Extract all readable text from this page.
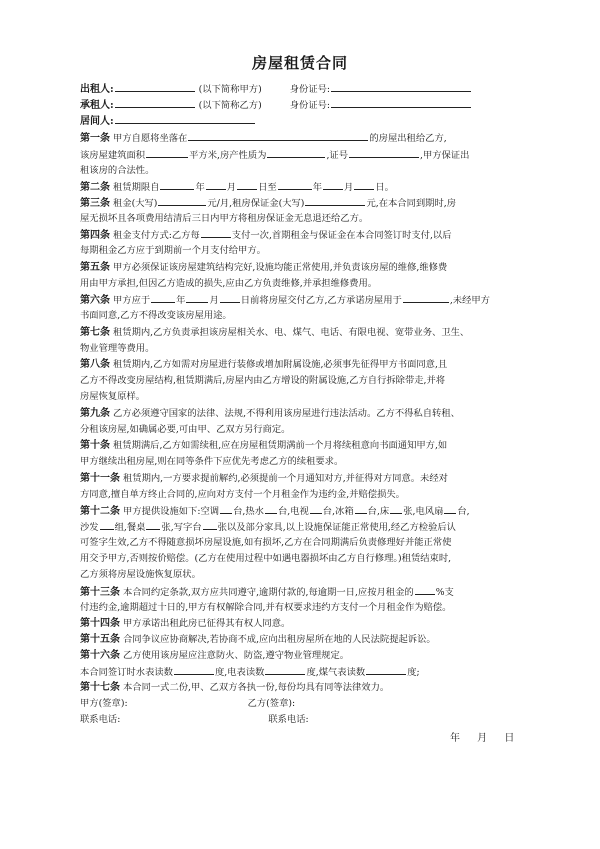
房屋租赁合同
出租人:	(以下简称甲方)	身份证号:
承租人:	(以下简称乙方)	身份证号:
居间人:
第一条 甲方自愿将坐落在	的房屋出租给乙方,
该房屋建筑面积	平方米,房产性质为	,证号	,甲方保证出
租该房的合法性。
第二条 租赁期限自	年 月 日至	年 月 日。
第三条 租金(大写)	元/月,租房保证金(大写)	元,在本合同到期时,房
屋无损坏且各项费用结清后三日内甲方将租房保证金无息退还给乙方。
第四条 租金支付方式:乙方每	支付一次,首期租金与保证金在本合同签订时支付,以后
每期租金乙方应于到期前一个月支付给甲方。
第五条 甲方必须保证该房屋建筑结构完好,设施均能正常使用,并负责该房屋的维修,维修费
用由甲方承担,但因乙方造成的损失,应由乙方负责维修,并承担维修费用。
第六条 甲方应于	年	月 日前将房屋交付乙方,乙方承诺房屋用于	,未经甲方
书面同意,乙方不得改变该房屋用途。
第七条 租赁期内,乙方负责承担该房屋相关水、电、煤气、电话、有限电视、宽带业务、卫生、
物业管理等费用。
第八条 租赁期内,乙方如需对房屋进行装修或增加附属设施,必须事先征得甲方书面同意,且
乙方不得改变房屋结构,租赁期满后,房屋内由乙方增设的附属设施,乙方自行拆除带走,并将
房屋恢复原样。
第九条 乙方必须遵守国家的法律、法规,不得利用该房屋进行违法活动。乙方不得私自转租、
分租该房屋,如确属必要,可由甲、乙双方另行商定。
第十条 租赁期满后,乙方如需续租,应在房屋租赁期满前一个月将续租意向书面通知甲方,如
甲方继续出租房屋,则在同等条件下应优先考虑乙方的续租要求。
第十一条 租赁期内,一方要求提前解约,必须提前一个月通知对方,并征得对方同意。未经对
方同意,擅自单方终止合同的,应向对方支付一个月租金作为违约金,并赔偿损失。
第十二条 甲方提供设施如下:空调 台,热水 台,电视 台,冰箱 台,床 张,电风扇 台,
沙发 组,餐桌 张,写字台 张以及部分家具,以上设施保证能正常使用,经乙方检验后认
可签字生效,乙方不得随意损坏房屋设施,如有损坏,乙方在合同期满后负责修理好并能正常使
用交予甲方,否则按价赔偿。(乙方在使用过程中如遇电器损坏由乙方自行修理。)租赁结束时,
乙方须将房屋设施恢复原状。
第十三条 本合同约定条款,双方应共同遵守,逾期付款的,每逾期一日,应按月租金的 %支
付违约金,逾期超过十日的,甲方有权解除合同,并有权要求违约方支付一个月租金作为赔偿。
第十四条 甲方承诺出租此房已征得其有权人同意。
第十五条 合同争议应协商解决,若协商不成,应向出租房屋所在地的人民法院提起诉讼。
第十六条 乙方使用该房屋应注意防火、防盗,遵守物业管理规定。
本合同签订时水表读数	度,电表读数	度,煤气表读数	度;
第十七条 本合同一式二份,甲、乙双方各执一份,每份均具有同等法律效力。
甲方(签章):	乙方(签章):
联系电话:	联系电话:
年 月 日
